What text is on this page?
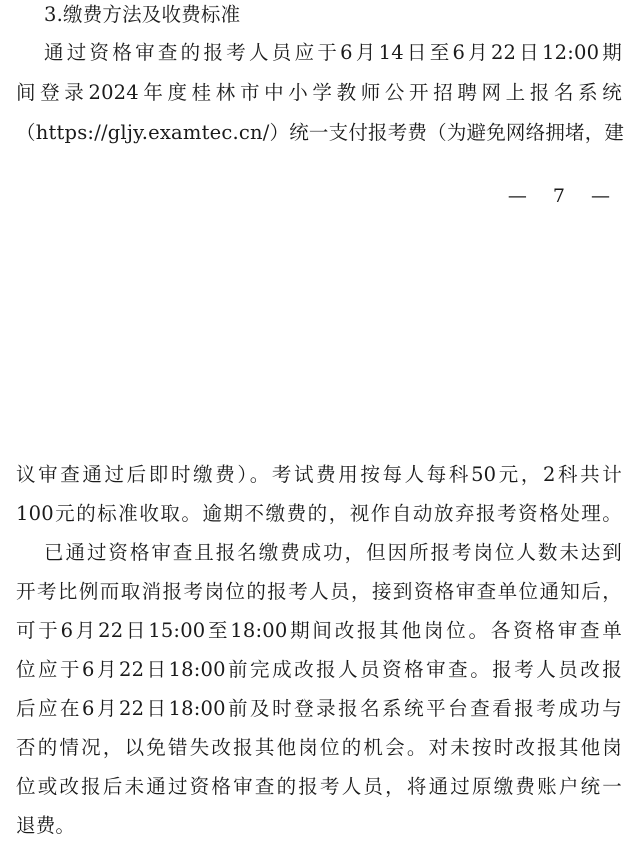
3.缴费方法及收费标准
通过资格审查的报考人员应于6月14日至6月22日12:00期
间登录2024年度桂林市中小学教师公开招聘网上报名系统
（https://gljy.examtec.cn/）统一支付报考费（为避免网络拥堵，建
— 7 —
议审查通过后即时缴费）。考试费用按每人每科50元，2科共计
100元的标准收取。逾期不缴费的，视作自动放弃报考资格处理。
已通过资格审查且报名缴费成功，但因所报考岗位人数未达到
开考比例而取消报考岗位的报考人员，接到资格审查单位通知后，
可于6月22日15:00至18:00期间改报其他岗位。各资格审查单
位应于6月22日18:00前完成改报人员资格审查。报考人员改报
后应在6月22日18:00前及时登录报名系统平台查看报考成功与
否的情况，以免错失改报其他岗位的机会。对未按时改报其他岗
位或改报后未通过资格审查的报考人员，将通过原缴费账户统一
退费。
